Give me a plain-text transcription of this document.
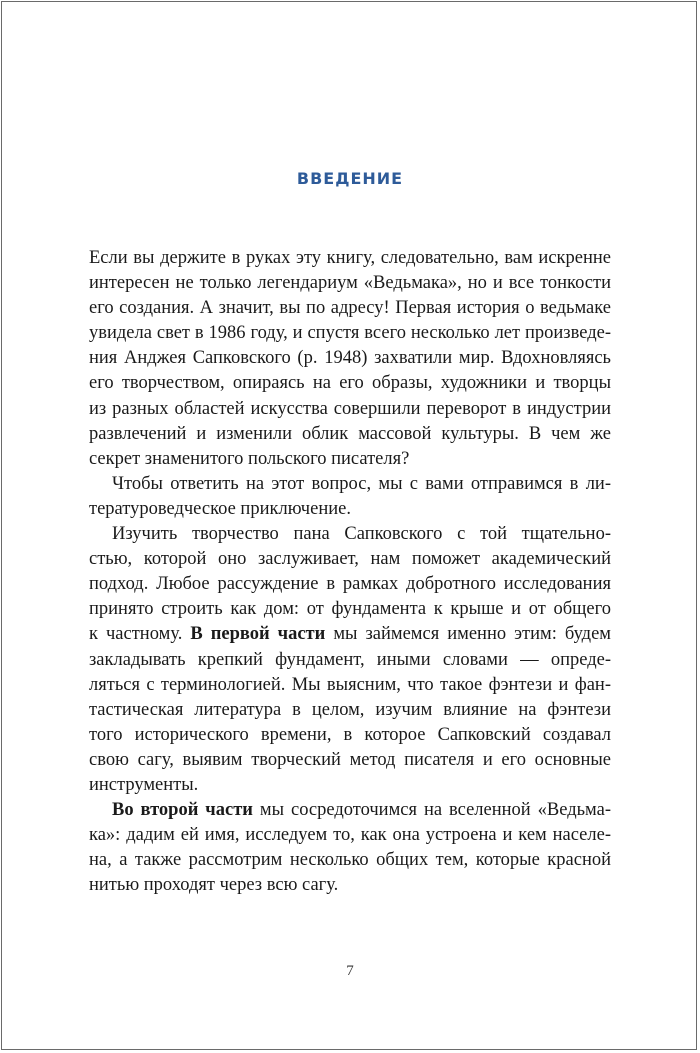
ВВЕДЕНИЕ
Если вы держите в руках эту книгу, следовательно, вам искренне
интересен не только легендариум «Ведьмака», но и все тонкости
его создания. А значит, вы по адресу! Первая история о ведьмаке
увидела свет в 1986 году, и спустя всего несколько лет произведе-
ния Анджея Сапковского (р. 1948) захватили мир. Вдохновляясь
его творчеством, опираясь на его образы, художники и творцы
из разных областей искусства совершили переворот в индустрии
развлечений и изменили облик массовой культуры. В чем же
секрет знаменитого польского писателя?
Чтобы ответить на этот вопрос, мы с вами отправимся в ли-
тературоведческое приключение.
Изучить творчество пана Сапковского с той тщательно-
стью, которой оно заслуживает, нам поможет академический
подход. Любое рассуждение в рамках добротного исследования
принято строить как дом: от фундамента к крыше и от общего
к частному. В первой части мы займемся именно этим: будем
закладывать крепкий фундамент, иными словами — опреде-
ляться с терминологией. Мы выясним, что такое фэнтези и фан-
тастическая литература в целом, изучим влияние на фэнтези
того исторического времени, в которое Сапковский создавал
свою сагу, выявим творческий метод писателя и его основные
инструменты.
Во второй части мы сосредоточимся на вселенной «Ведьма-
ка»: дадим ей имя, исследуем то, как она устроена и кем населе-
на, а также рассмотрим несколько общих тем, которые красной
нитью проходят через всю сагу.
7
